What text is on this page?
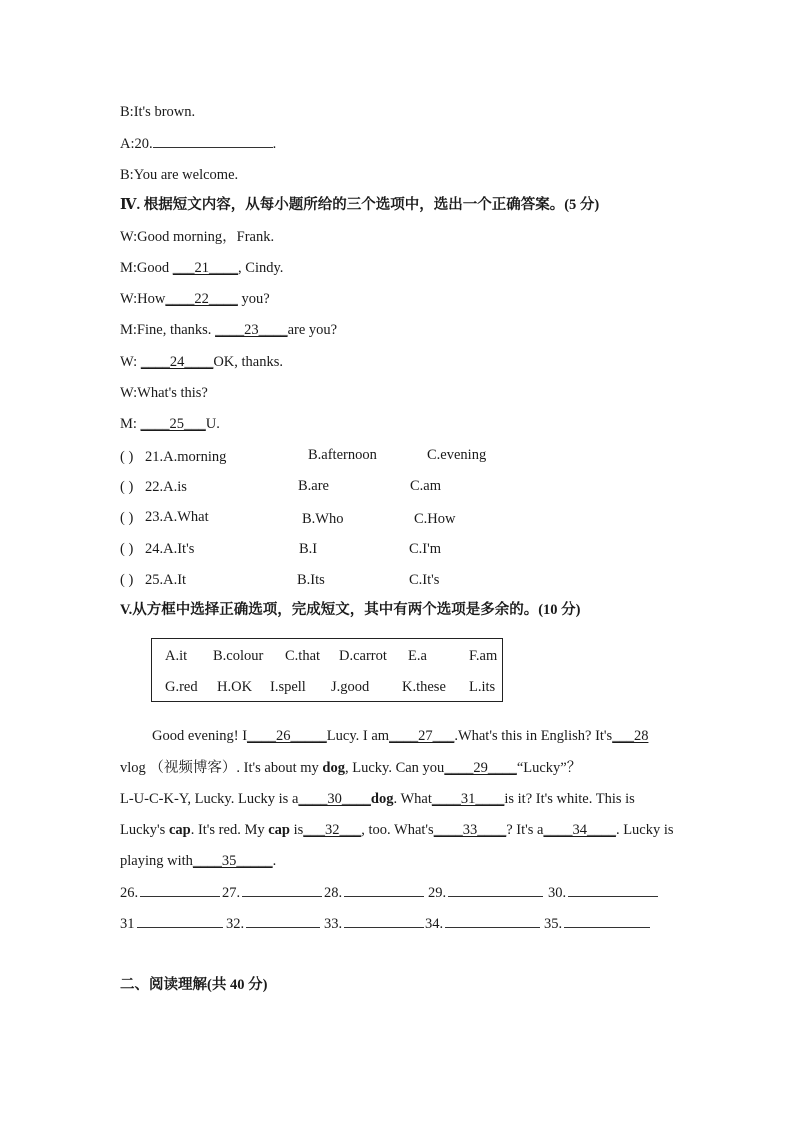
B:It's brown.
A:20.	.
B:You are welcome.
Ⅳ. 根据短文内容，从每小题所给的三个选项中，选出一个正确答案。(5 分)
W:Good morning，Frank.
M:Good ___21____, Cindy.
W:How____22____ you?
M:Fine, thanks. ____23____are you?
W: ____24____OK, thanks.
W:What's this?
M: ____25___U.
( ) 21.A.morning	B.afternoon	C.evening
( ) 22.A.is	B.are	C.am
( ) 23.A.What	B.Who	C.How
( ) 24.A.It's	B.I	C.I'm
( ) 25.A.It	B.Its	C.It's
V.从方框中选择正确选项，完成短文，其中有两个选项是多余的。(10 分)
A.it B.colour C.that D.carrot E.a	F.am
G.red H.OK I.spell J.good K.these L.its
Good evening! I____26_____Lucy. I am____27___.What's this in English? It's___28
vlog （视频博客）. It's about my dog, Lucky. Can you____29____“Lucky”？
L-U-C-K-Y, Lucky. Lucky is a____30____dog. What____31____is it? It's white. This is
Lucky's cap. It's red. My cap is___32___, too. What's____33____? It's a____34____. Lucky is
playing with____35_____.
26.	27.	28.	29.	30.
31	32.	33.	34.	35.
二、阅读理解(共 40 分)
